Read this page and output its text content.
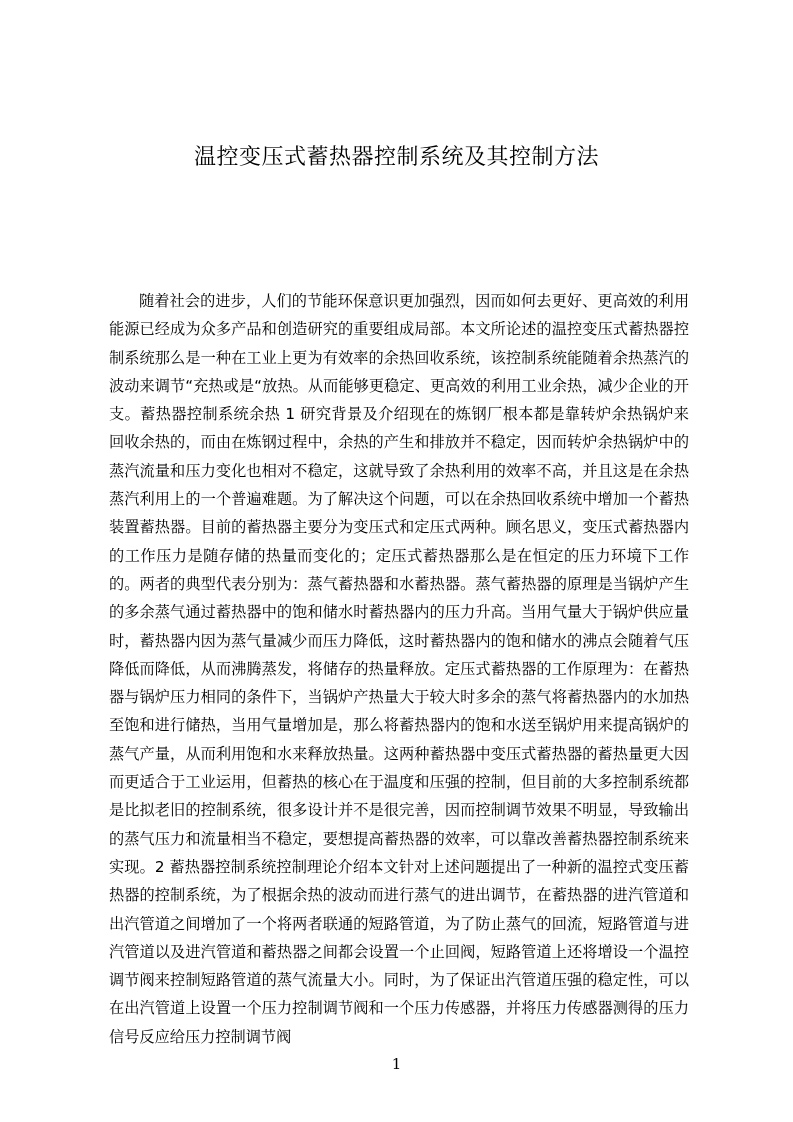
温控变压式蓄热器控制系统及其控制方法

随着社会的进步，人们的节能环保意识更加强烈，因而如何去更好、更高效的利用能源已经成为众多产品和创造研究的重要组成局部。本文所论述的温控变压式蓄热器控制系统那么是一种在工业上更为有效率的余热回收系统，该控制系统能随着余热蒸汽的波动来调节“充热或是“放热。从而能够更稳定、更高效的利用工业余热，减少企业的开支。蓄热器控制系统余热 1 研究背景及介绍现在的炼钢厂根本都是靠转炉余热锅炉来回收余热的，而由在炼钢过程中，余热的产生和排放并不稳定，因而转炉余热锅炉中的蒸汽流量和压力变化也相对不稳定，这就导致了余热利用的效率不高，并且这是在余热蒸汽利用上的一个普遍难题。为了解决这个问题，可以在余热回收系统中增加一个蓄热装置蓄热器。目前的蓄热器主要分为变压式和定压式两种。顾名思义，变压式蓄热器内的工作压力是随存储的热量而变化的；定压式蓄热器那么是在恒定的压力环境下工作的。两者的典型代表分别为：蒸气蓄热器和水蓄热器。蒸气蓄热器的原理是当锅炉产生的多余蒸气通过蓄热器中的饱和储水时蓄热器内的压力升高。当用气量大于锅炉供应量时，蓄热器内因为蒸气量减少而压力降低，这时蓄热器内的饱和储水的沸点会随着气压降低而降低，从而沸腾蒸发，将储存的热量释放。定压式蓄热器的工作原理为：在蓄热器与锅炉压力相同的条件下，当锅炉产热量大于较大时多余的蒸气将蓄热器内的水加热至饱和进行储热，当用气量增加是，那么将蓄热器内的饱和水送至锅炉用来提高锅炉的蒸气产量，从而利用饱和水来释放热量。这两种蓄热器中变压式蓄热器的蓄热量更大因而更适合于工业运用，但蓄热的核心在于温度和压强的控制，但目前的大多控制系统都是比拟老旧的控制系统，很多设计并不是很完善，因而控制调节效果不明显，导致输出的蒸气压力和流量相当不稳定，要想提高蓄热器的效率，可以靠改善蓄热器控制系统来实现。2 蓄热器控制系统控制理论介绍本文针对上述问题提出了一种新的温控式变压蓄热器的控制系统，为了根据余热的波动而进行蒸气的进出调节，在蓄热器的进汽管道和出汽管道之间增加了一个将两者联通的短路管道，为了防止蒸气的回流，短路管道与进汽管道以及进汽管道和蓄热器之间都会设置一个止回阀，短路管道上还将增设一个温控调节阀来控制短路管道的蒸气流量大小。同时，为了保证出汽管道压强的稳定性，可以在出汽管道上设置一个压力控制调节阀和一个压力传感器，并将压力传感器测得的压力信号反应给压力控制调节阀

1
